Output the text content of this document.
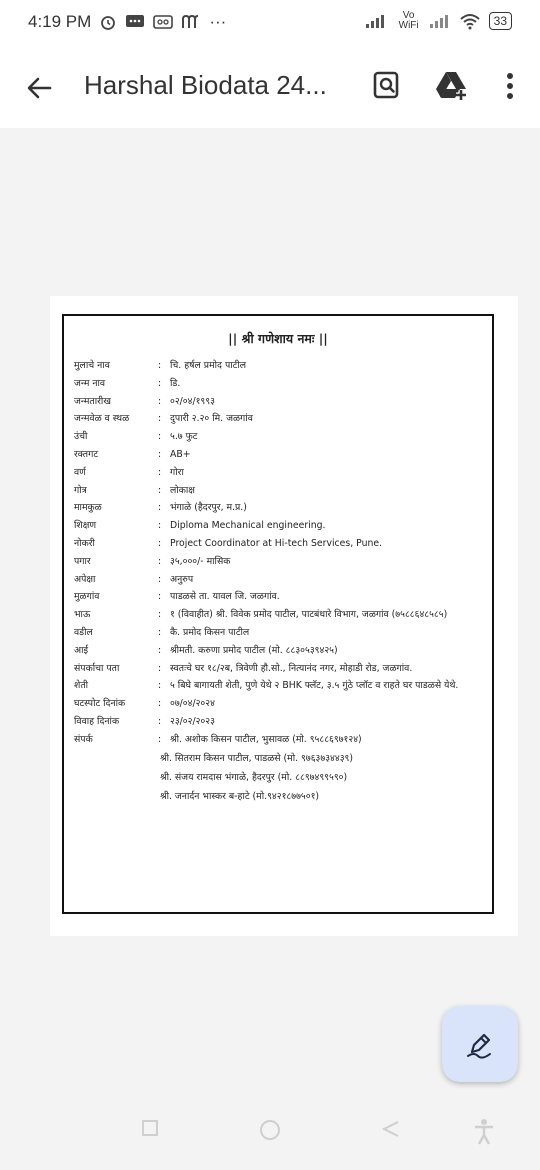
4:19 PM	···	Vo WiFi	33
Harshal Biodata 24...
|| श्री गणेशाय नमः ||
मुलाचे नाव	: चि. हर्षल प्रमोद पाटील
जन्म नाव	: डि.
जन्मतारीख	: ०२/०४/१९९३
जन्मवेळ व स्थळ	: दुपारी २.२० मि. जळगांव
उंची	: ५.७ फुट
रक्तगट	: AB+
वर्ण	: गोरा
गोत्र	: लोकाक्ष
मामकुळ	: भंगाळे (हैदरपुर, म.प्र.)
शिक्षण	: Diploma Mechanical engineering.
नोकरी	: Project Coordinator at Hi-tech Services, Pune.
पगार	: ३५,०००/- मासिक
अपेक्षा	: अनुरुप
मुळगांव	: पाडळसे ता. यावल जि. जळगांव.
भाऊ	: १ (विवाहीत) श्री. विवेक प्रमोद पाटील, पाटबंधारे विभाग, जळगांव (७५८८६४८५८५)
वडील	: कै. प्रमोद किसन पाटील
आई	: श्रीमती. करुणा प्रमोद पाटील (मो. ८८३०५३९४२५)
संपर्काचा पता	: स्वतःचे घर १८/२ब, त्रिवेणी हौ.सो., नित्यानंद नगर, मोहाडी रोड, जळगांव.
शेती	: ५ बिघे बागायती शेती, पुणे येथे २ BHK फ्लॅट, ३.५ गुंठे प्लॉट व राहते घर पाडळसे येथे.
घटस्पोट दिनांक	: ०७/०४/२०२४
विवाह दिनांक	: २३/०२/२०२३
संपर्क	: श्री. अशोक किसन पाटील, भुसावळ (मो. ९५८८६९७१२४)
श्री. सितराम किसन पाटील, पाडळसे (मो. ९७६३७३४४३९)
श्री. संजय रामदास भंगाळे, हैदरपुर (मो. ८८९७४९९५९०)
श्री. जनार्दन भास्कर ब-हाटे (मो.९४२१८७७५०१)
